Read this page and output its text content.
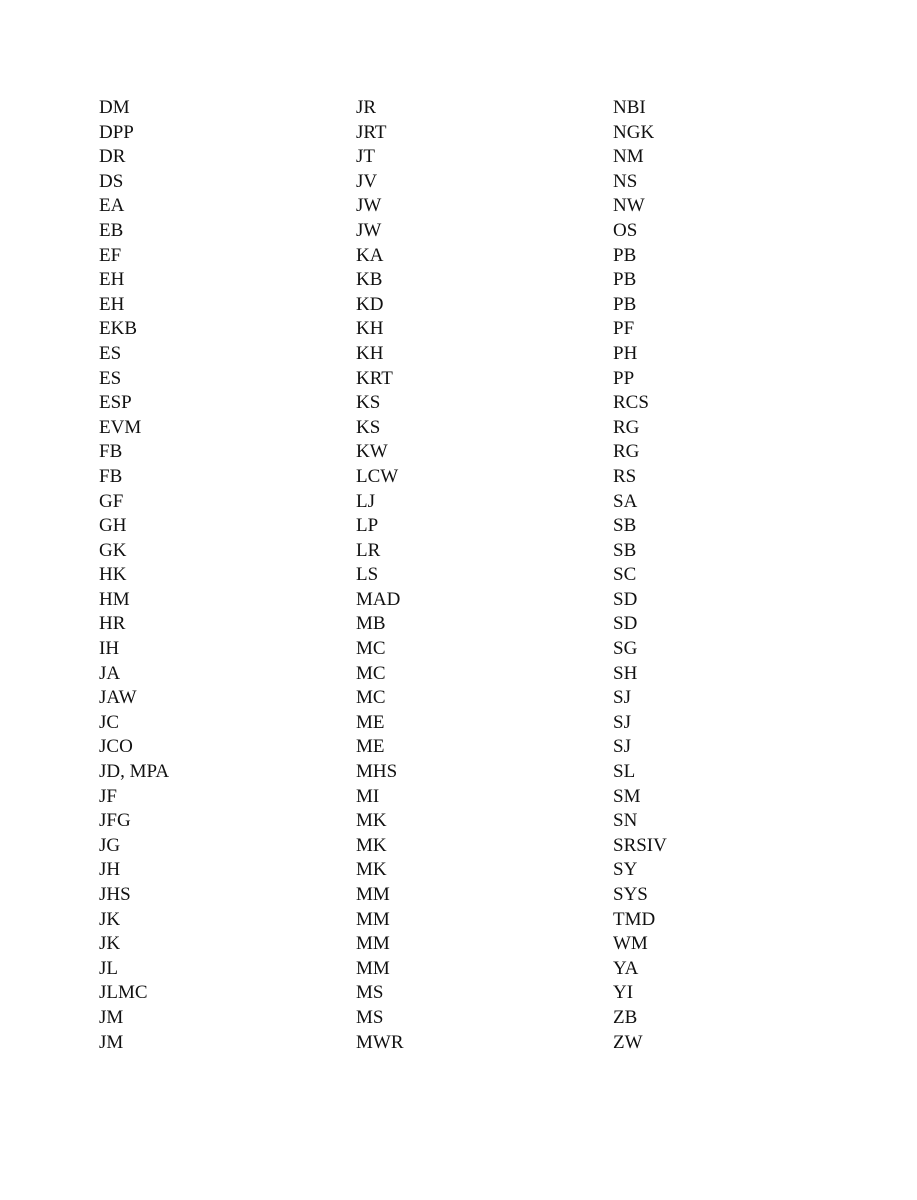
DM
DPP
DR
DS
EA
EB
EF
EH
EH
EKB
ES
ES
ESP
EVM
FB
FB
GF
GH
GK
HK
HM
HR
IH
JA
JAW
JC
JCO
JD, MPA
JF
JFG
JG
JH
JHS
JK
JK
JL
JLMC
JM
JM
JR
JRT
JT
JV
JW
JW
KA
KB
KD
KH
KH
KRT
KS
KS
KW
LCW
LJ
LP
LR
LS
MAD
MB
MC
MC
MC
ME
ME
MHS
MI
MK
MK
MK
MM
MM
MM
MM
MS
MS
MWR
NBI
NGK
NM
NS
NW
OS
PB
PB
PB
PF
PH
PP
RCS
RG
RG
RS
SA
SB
SB
SC
SD
SD
SG
SH
SJ
SJ
SJ
SL
SM
SN
SRSIV
SY
SYS
TMD
WM
YA
YI
ZB
ZW
